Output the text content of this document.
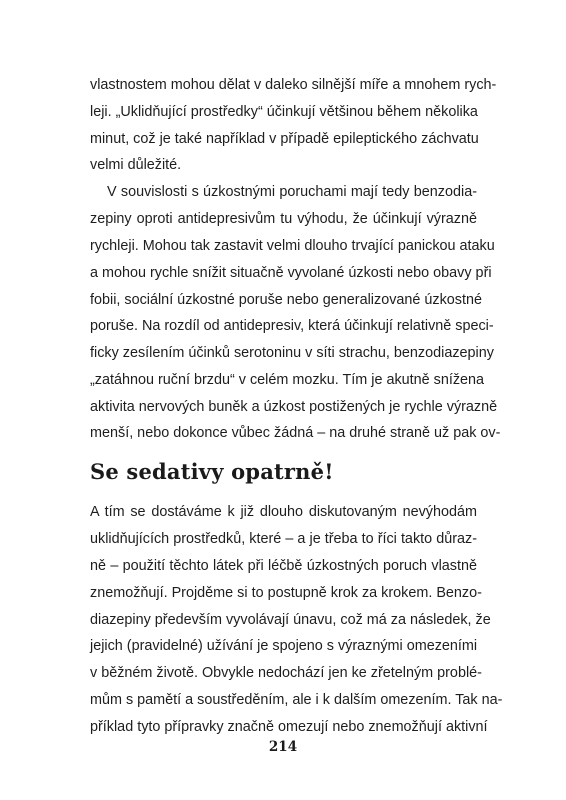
vlastnostem mohou dělat v daleko silnější míře a mnohem rych-
leji. „Uklidňující prostředky“ účinkují většinou během několika
minut, což je také například v případě epileptického záchvatu
velmi důležité.
V souvislosti s úzkostnými poruchami mají tedy benzodia-
zepiny oproti antidepresivům tu výhodu, že účinkují výrazně
rychleji. Mohou tak zastavit velmi dlouho trvající panickou ataku
a mohou rychle snížit situačně vyvolané úzkosti nebo obavy při
fobii, sociální úzkostné poruše nebo generalizované úzkostné
poruše. Na rozdíl od antidepresiv, která účinkují relativně speci-
ficky zesílením účinků serotoninu v síti strachu, benzodiazepiny
„zatáhnou ruční brzdu“ v celém mozku. Tím je akutně snížena
aktivita nervových buněk a úzkost postižených je rychle výrazně
menší, nebo dokonce vůbec žádná – na druhé straně už pak ov-
Se sedativy opatrně!
A tím se dostáváme k již dlouho diskutovaným nevýhodám
uklidňujících prostředků, které – a je třeba to říci takto důraz-
ně – použití těchto látek při léčbě úzkostných poruch vlastně
znemožňují. Projděme si to postupně krok za krokem. Benzo-
diazepiny především vyvolávají únavu, což má za následek, že
jejich (pravidelné) užívání je spojeno s výraznými omezeními
v běžném životě. Obvykle nedochází jen ke zřetelným problé-
mům s pamětí a soustředěním, ale i k dalším omezením. Tak na-
příklad tyto přípravky značně omezují nebo znemožňují aktivní
214
